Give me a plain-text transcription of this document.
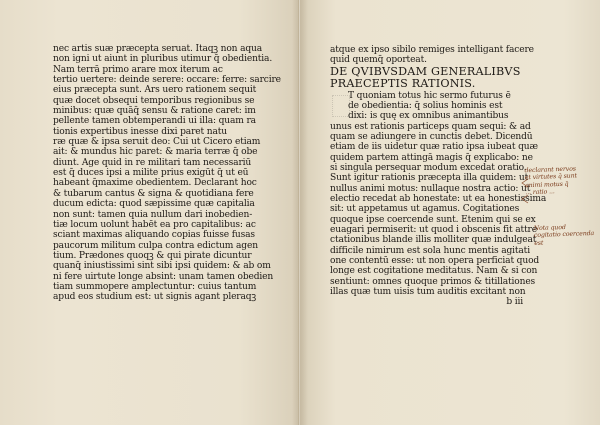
nec artis suæ præcepta seruat. Itaqꝫ non aqua
non igni ut aiunt in pluribus utimur q̄ obedientia.
Nam terrā primo arare mox iterum ac
tertio uertere: deinde serere: occare: ferre: sarcire
eius præcepta sunt. Ars uero rationem sequit
quæ docet obsequi temporibus regionibus se
minibus: quæ quāq̄ sensu & ratione caret: im
pellente tamen obtemperandi ui illa: quam ra
tionis expertibus inesse dixi paret natu
ræ quæ & ipsa seruit deo: Cui ut Cicero etiam
ait: & mundus hic paret: & maria terræ q̄ obe
diunt. Age quid in re militari tam necessariū
est q̄ duces ipsi a milite prius exigūt q̄ ut eū
habeant q̄maxime obedientem. Declarant hoc
& tubarum cantus & signa & quotidiana fere
ducum edicta: quod sæpissime quæ capitalia
non sunt: tamen quia nullum dari inobedien-
tiæ locum uolunt habēt ea pro capitalibus: ac
sciant maximas aliquando copias fuisse fusas
paucorum militum culpa contra edictum agen
tium. Prædones quoqꝫ & qui pirate dicuntur
quanq̄ iniustissimi sint sibi ipsi quidem: & ab om
ni fere uirtute longe absint: unam tamen obedien
tiam summopere amplectuntur: cuius tantum
apud eos studium est: ut signis agant pleraqꝫ
atque ex ipso sibilo remiges intelligant facere
quid quemq̄ oporteat.
DE QVIBVSDAM GENERALIBVS
PRAECEPTIS RATIONIS.
T quoniam totus hic sermo futurus ē
de obedientia: q̄ solius hominis est
dixi: is quę ex omnibus animantibus
unus est rationis particeps quam sequi: & ad
quam se adiungere in cunctis debet. Dicendū
etiam de iis uidetur quæ ratio ipsa iubeat quæ
quidem partem attingā magis q̄ explicabo: ne
si singula persequar modum excedat oratio.
Sunt igitur rationis præcepta illa quidem: ut
nullus animi motus: nullaque nostra actio: ut
electio recedat ab honestate: ut ea honestissima
sit: ut appetamus ut agamus. Cogitationes
quoque ipse coercende sunt. Etenim qui se ex
euagari permiserit: ut quod i obscenis fit attre
ctationibus blande illis molliter quæ indulgeat
difficile nimirum est sola hunc mentis agitati
one contentū esse: ut non opera perficiat quod
longe est cogitatione meditatus. Nam & si con
sentiunt: omnes quoque primos & titillationes
illas quæ tum uisis tum auditis excitant non
b iii
declarant nervos
et virtutes q̄ sunt
animi motus q̄
... ratio ...
Nota quod
cogitatio coercenda
est
